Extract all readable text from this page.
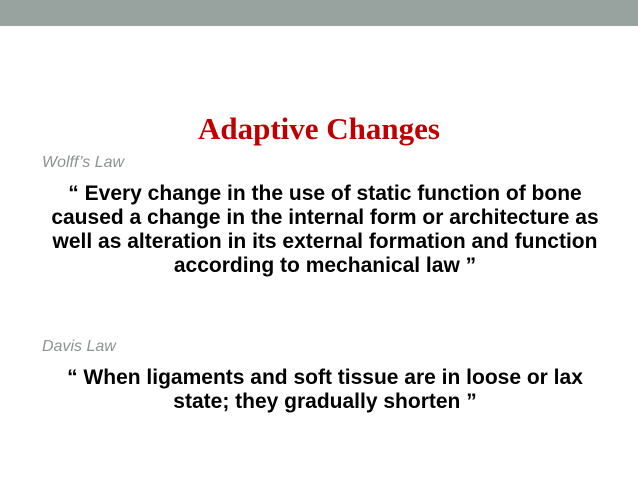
Adaptive Changes
Wolff’s Law
“ Every change in the use of static function of bone caused a change in the internal form or architecture as well as alteration in its external formation and function according to mechanical law ”
Davis Law
“ When ligaments and soft tissue are in loose or lax state; they gradually shorten ”
